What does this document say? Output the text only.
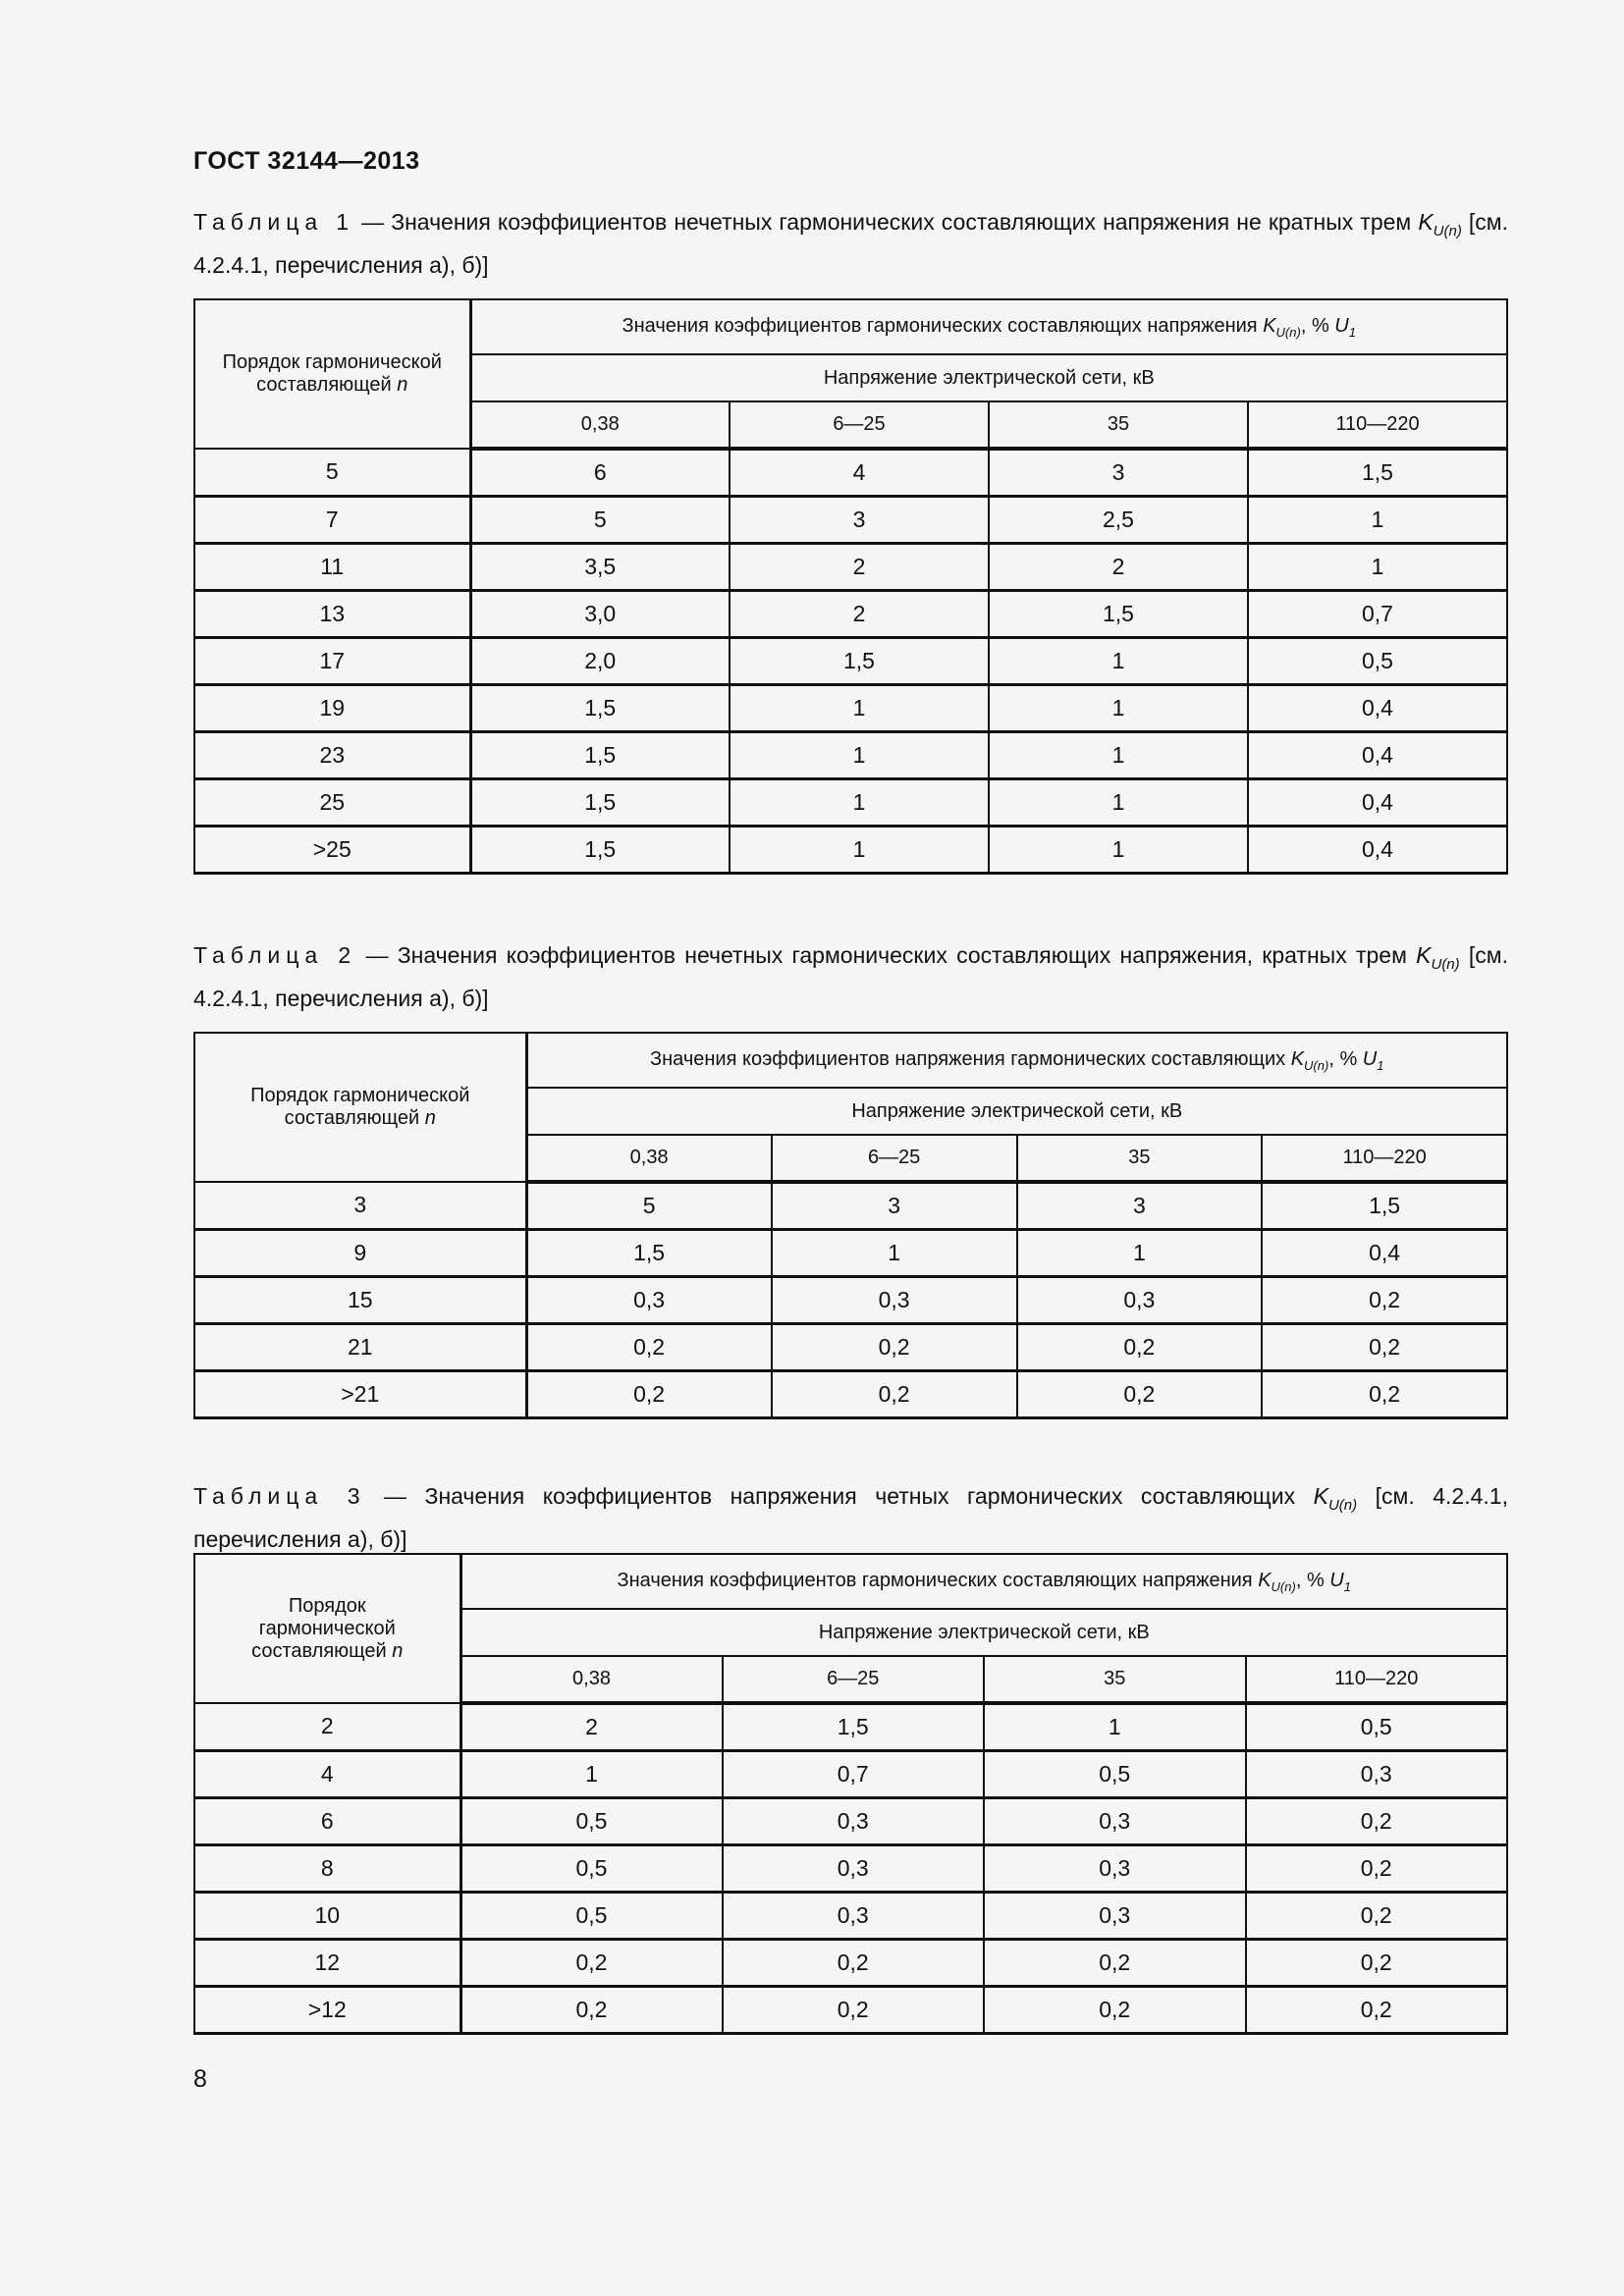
ГОСТ 32144—2013
Таблица 1 — Значения коэффициентов нечетных гармонических составляющих напряжения не кратных трем $K_{U(n)}$ [см. 4.2.4.1, перечисления а), б)]
Порядок гармонической составляющей n	Значения коэффициентов гармонических составляющих напряжения $K_{U(n)}$, % $U_1$
	Напряжение электрической сети, кВ			
	0,38	6—25	35	110—220
5	6	4	3	1,5
7	5	3	2,5	1
11	3,5	2	2	1
13	3,0	2	1,5	0,7
17	2,0	1,5	1	0,5
19	1,5	1	1	0,4
23	1,5	1	1	0,4
25	1,5	1	1	0,4
>25	1,5	1	1	0,4
Таблица 2 — Значения коэффициентов нечетных гармонических составляющих напряжения, кратных трем $K_{U(n)}$ [см. 4.2.4.1, перечисления а), б)]
Порядок гармонической составляющей n	Значения коэффициентов напряжения гармонических составляющих $K_{U(n)}$, % $U_1$
	Напряжение электрической сети, кВ			
	0,38	6—25	35	110—220
3	5	3	3	1,5
9	1,5	1	1	0,4
15	0,3	0,3	0,3	0,2
21	0,2	0,2	0,2	0,2
>21	0,2	0,2	0,2	0,2
Таблица 3 — Значения коэффициентов напряжения четных гармонических составляющих $K_{U(n)}$ [см. 4.2.4.1, перечисления а), б)]
Порядок гармонической составляющей n	Значения коэффициентов гармонических составляющих напряжения $K_{U(n)}$, % $U_1$
	Напряжение электрической сети, кВ			
	0,38	6—25	35	110—220
2	2	1,5	1	0,5
4	1	0,7	0,5	0,3
6	0,5	0,3	0,3	0,2
8	0,5	0,3	0,3	0,2
10	0,5	0,3	0,3	0,2
12	0,2	0,2	0,2	0,2
>12	0,2	0,2	0,2	0,2
8
